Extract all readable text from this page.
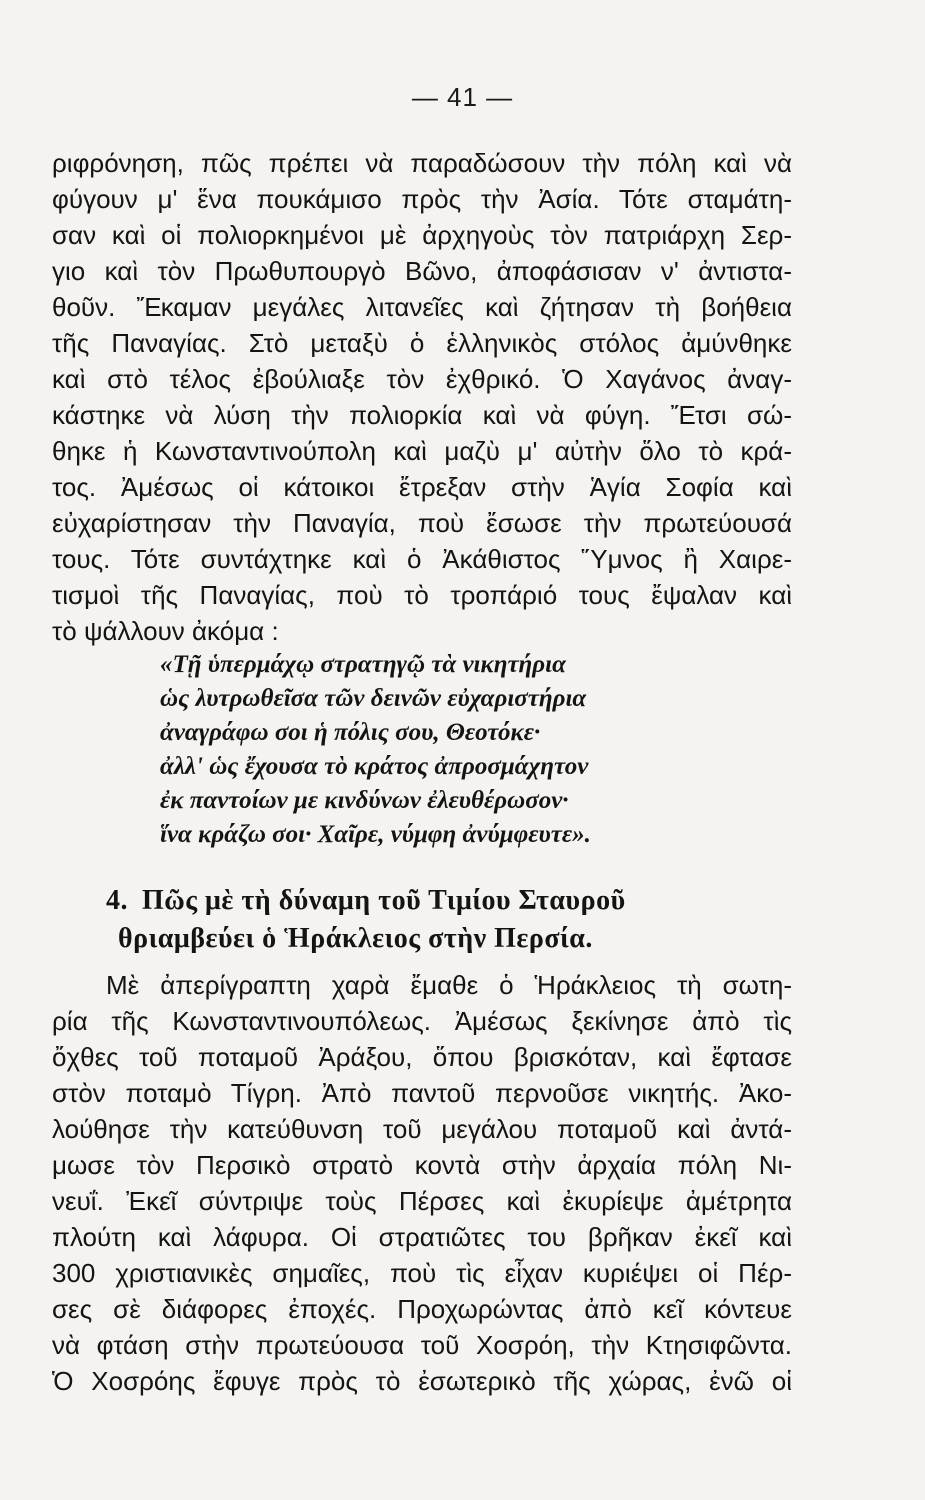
— 41 —
ριφρόνηση, πῶς πρέπει νὰ παραδώσουν τὴν πόλη καὶ νὰ
φύγουν μ' ἕνα πουκάμισο πρὸς τὴν Ἀσία. Τότε σταμάτη-
σαν καὶ οἱ πολιορκημένοι μὲ ἀρχηγοὺς τὸν πατριάρχη Σερ-
γιο καὶ τὸν Πρωθυπουργὸ Βῶνο, ἀποφάσισαν ν' ἀντιστα-
θοῦν. Ἔκαμαν μεγάλες λιτανεῖες καὶ ζήτησαν τὴ βοήθεια
τῆς Παναγίας. Στὸ μεταξὺ ὁ ἑλληνικὸς στόλος ἀμύνθηκε
καὶ στὸ τέλος ἐβούλιαξε τὸν ἐχθρικό. Ὁ Χαγάνος ἀναγ-
κάστηκε νὰ λύση τὴν πολιορκία καὶ νὰ φύγη. Ἔτσι σώ-
θηκε ἡ Κωνσταντινούπολη καὶ μαζὺ μ' αὐτὴν ὅλο τὸ κρά-
τος. Ἀμέσως οἱ κάτοικοι ἔτρεξαν στὴν Ἁγία Σοφία καὶ
εὐχαρίστησαν τὴν Παναγία, ποὺ ἔσωσε τὴν πρωτεύουσά
τους. Τότε συντάχτηκε καὶ ὁ Ἀκάθιστος Ὕμνος ἢ Χαιρε-
τισμοὶ τῆς Παναγίας, ποὺ τὸ τροπάριό τους ἔψαλαν καὶ
τὸ ψάλλουν ἀκόμα :
«Τῇ ὑπερμάχῳ στρατηγῷ τὰ νικητήρια
ὡς λυτρωθεῖσα τῶν δεινῶν εὐχαριστήρια
ἀναγράφω σοι ἡ πόλις σου, Θεοτόκε·
ἀλλ' ὡς ἔχουσα τὸ κράτος ἀπροσμάχητον
ἐκ παντοίων με κινδύνων ἐλευθέρωσον·
ἵνα κράζω σοι· Χαῖρε, νύμφη ἀνύμφευτε».
4. Πῶς μὲ τὴ δύναμη τοῦ Τιμίου Σταυροῦ
θριαμβεύει ὁ Ἡράκλειος στὴν Περσία.
Μὲ ἀπερίγραπτη χαρὰ ἔμαθε ὁ Ἡράκλειος τὴ σωτη-
ρία τῆς Κωνσταντινουπόλεως. Ἀμέσως ξεκίνησε ἀπὸ τὶς
ὄχθες τοῦ ποταμοῦ Ἀράξου, ὅπου βρισκόταν, καὶ ἔφτασε
στὸν ποταμὸ Τίγρη. Ἀπὸ παντοῦ περνοῦσε νικητής. Ἀκο-
λούθησε τὴν κατεύθυνση τοῦ μεγάλου ποταμοῦ καὶ ἀντά-
μωσε τὸν Περσικὸ στρατὸ κοντὰ στὴν ἀρχαία πόλη Νι-
νευΐ. Ἐκεῖ σύντριψε τοὺς Πέρσες καὶ ἐκυρίεψε ἀμέτρητα
πλούτη καὶ λάφυρα. Οἱ στρατιῶτες του βρῆκαν ἐκεῖ καὶ
300 χριστιανικὲς σημαῖες, ποὺ τὶς εἶχαν κυριέψει οἱ Πέρ-
σες σὲ διάφορες ἐποχές. Προχωρώντας ἀπὸ κεῖ κόντευε
νὰ φτάση στὴν πρωτεύουσα τοῦ Χοσρόη, τὴν Κτησιφῶντα.
Ὁ Χοσρόης ἔφυγε πρὸς τὸ ἐσωτερικὸ τῆς χώρας, ἐνῶ οἱ
